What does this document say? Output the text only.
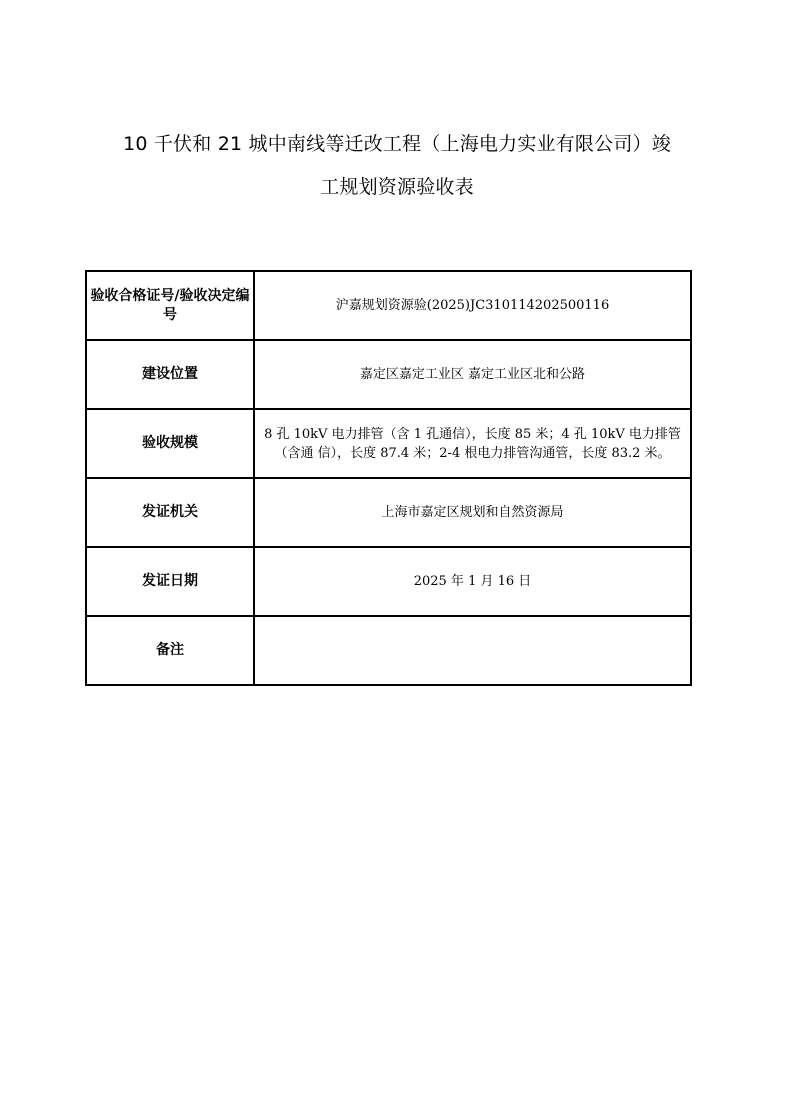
10 千伏和 21 城中南线等迁改工程（上海电力实业有限公司）竣
工规划资源验收表
验收合格证号/验收决定编号	沪嘉规划资源验(2025)JC310114202500116
建设位置	嘉定区嘉定工业区 嘉定工业区北和公路
验收规模	8 孔 10kV 电力排管（含 1 孔通信），长度 85 米；4 孔 10kV 电力排管（含通 信），长度 87.4 米；2-4 根电力排管沟通管，长度 83.2 米。
发证机关	上海市嘉定区规划和自然资源局
发证日期	2025 年 1 月 16 日
备注	
